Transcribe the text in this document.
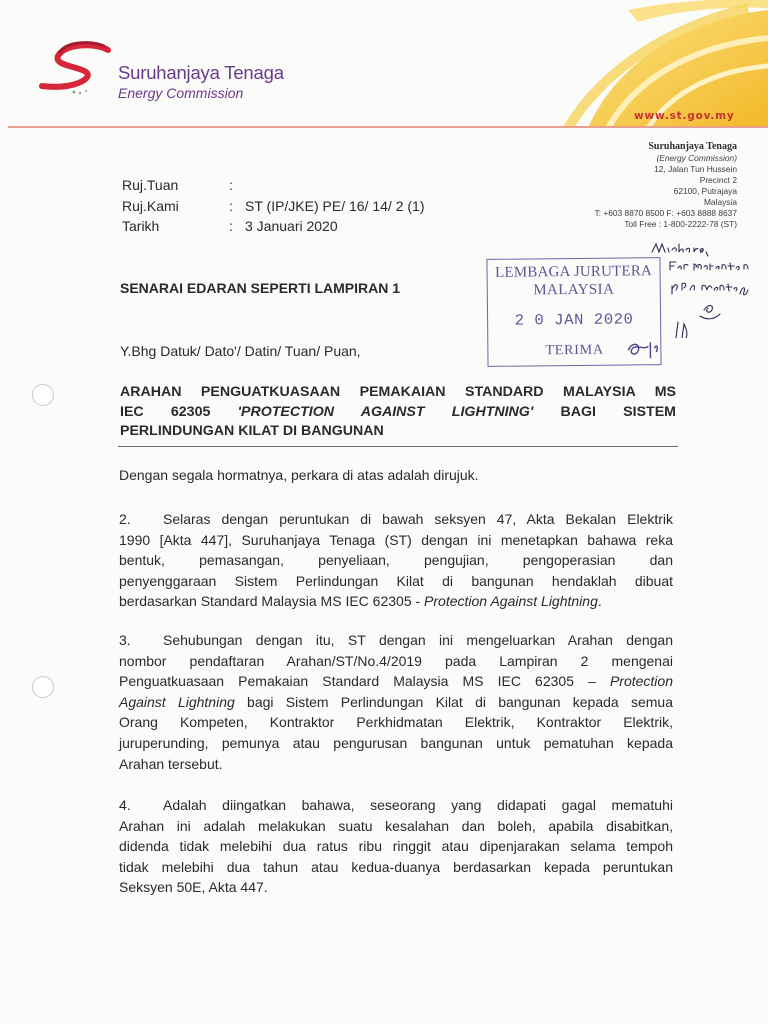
Suruhanjaya Tenaga
Energy Commission
www.st.gov.my
Suruhanjaya Tenaga
(Energy Commission)
12, Jalan Tun Hussein
Precinct 2
62100, Putrajaya
Malaysia
T: +603 8870 8500 F: +603 8888 8637
Toll Free : 1-800-2222-78 (ST)
Ruj.Tuan	:
Ruj.Kami	: ST (IP/JKE) PE/ 16/ 14/ 2 (1)
Tarikh	: 3 Januari 2020
SENARAI EDARAN SEPERTI LAMPIRAN 1
LEMBAGA JURUTERA
MALAYSIA
2 0 JAN 2020
TERIMA
Y.Bhg Datuk/ Dato'/ Datin/ Tuan/ Puan,
ARAHAN PENGUATKUASAAN PEMAKAIAN STANDARD MALAYSIA MS
IEC 62305 'PROTECTION AGAINST LIGHTNING' BAGI SISTEM
PERLINDUNGAN KILAT DI BANGUNAN
Dengan segala hormatnya, perkara di atas adalah dirujuk.
2. Selaras dengan peruntukan di bawah seksyen 47, Akta Bekalan Elektrik
1990 [Akta 447], Suruhanjaya Tenaga (ST) dengan ini menetapkan bahawa reka
bentuk, pemasangan, penyeliaan, pengujian, pengoperasian dan
penyenggaraan Sistem Perlindungan Kilat di bangunan hendaklah dibuat
berdasarkan Standard Malaysia MS IEC 62305 - Protection Against Lightning.
3. Sehubungan dengan itu, ST dengan ini mengeluarkan Arahan dengan
nombor pendaftaran Arahan/ST/No.4/2019 pada Lampiran 2 mengenai
Penguatkuasaan Pemakaian Standard Malaysia MS IEC 62305 – Protection
Against Lightning bagi Sistem Perlindungan Kilat di bangunan kepada semua
Orang Kompeten, Kontraktor Perkhidmatan Elektrik, Kontraktor Elektrik,
juruperunding, pemunya atau pengurusan bangunan untuk pematuhan kepada
Arahan tersebut.
4. Adalah diingatkan bahawa, seseorang yang didapati gagal mematuhi
Arahan ini adalah melakukan suatu kesalahan dan boleh, apabila disabitkan,
didenda tidak melebihi dua ratus ribu ringgit atau dipenjarakan selama tempoh
tidak melebihi dua tahun atau kedua-duanya berdasarkan kepada peruntukan
Seksyen 50E, Akta 447.
